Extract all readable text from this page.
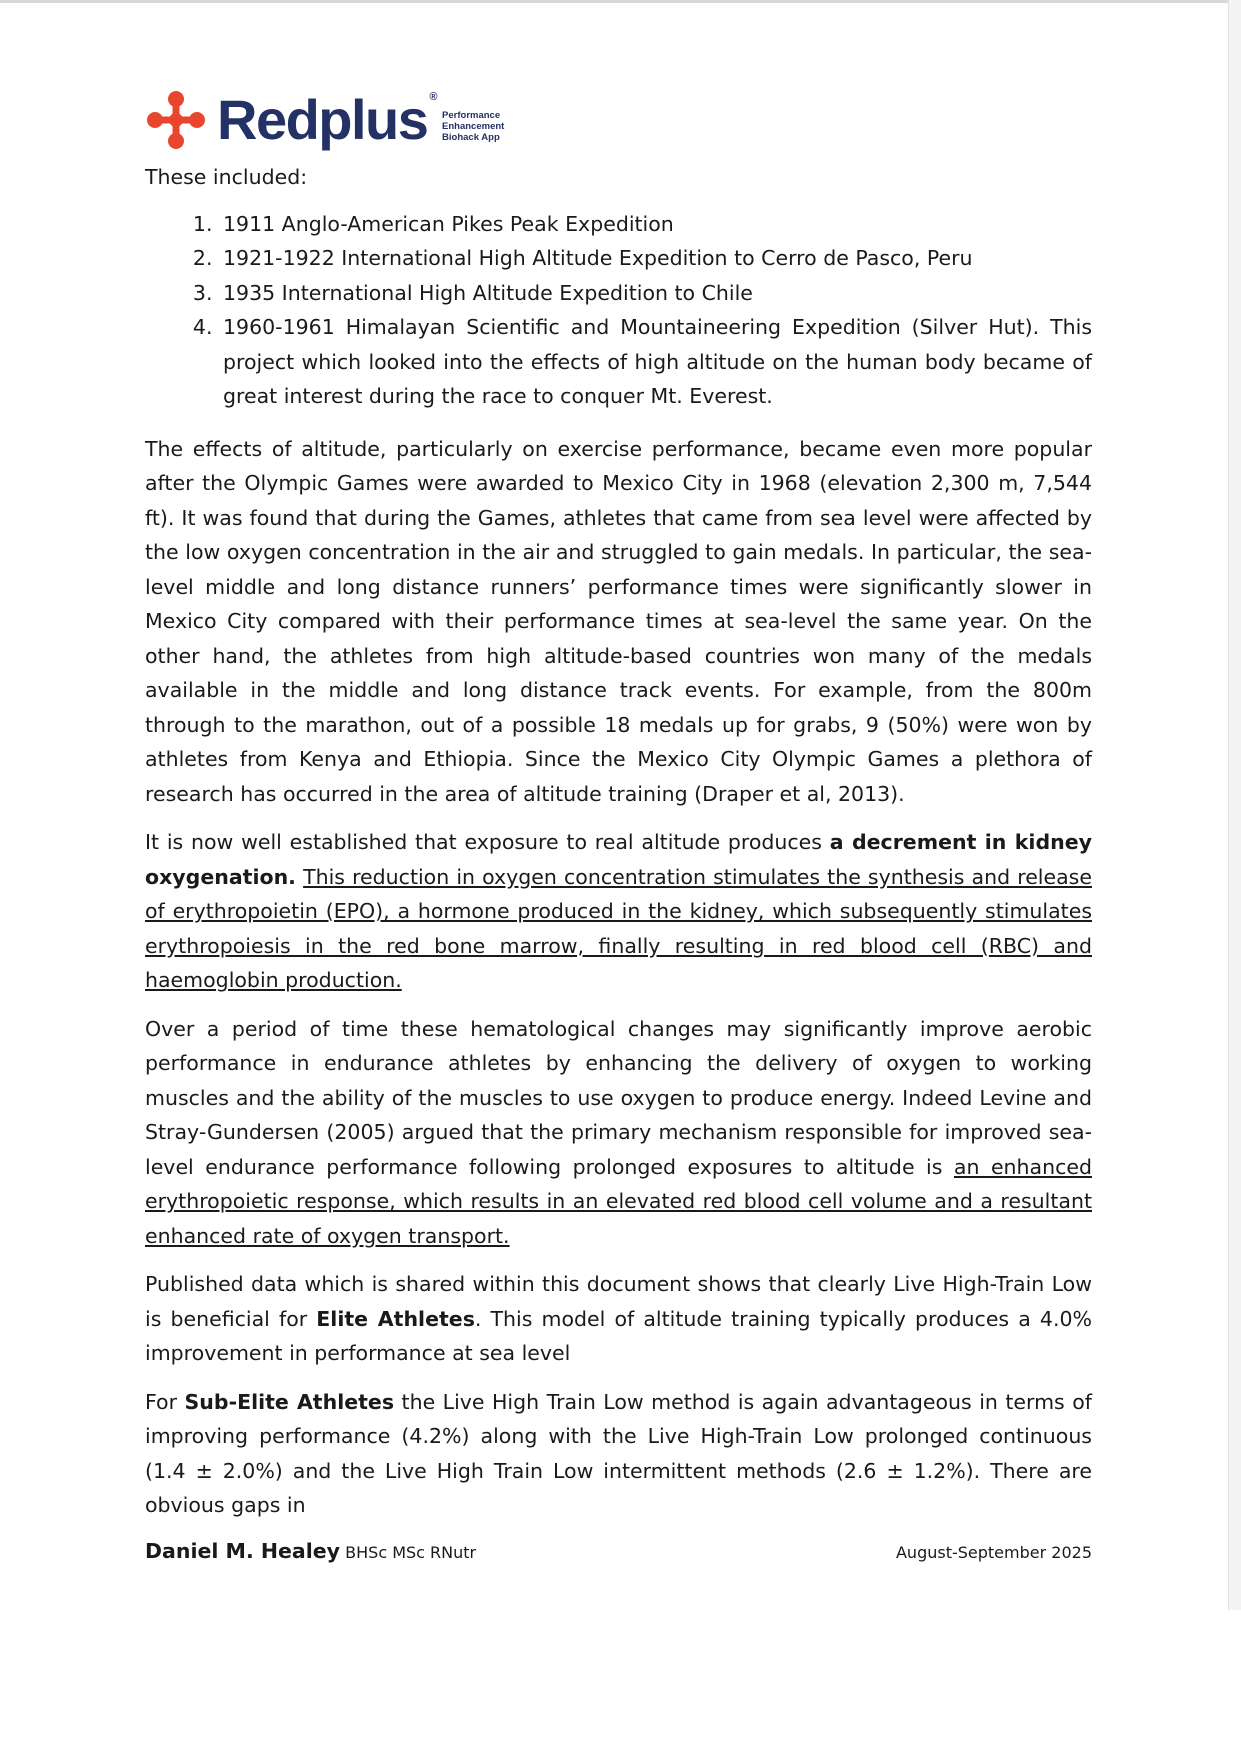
Redplus ®
Performance
Enhancement
Biohack App

These included:

1. 1911 Anglo-American Pikes Peak Expedition
2. 1921-1922 International High Altitude Expedition to Cerro de Pasco, Peru
3. 1935 International High Altitude Expedition to Chile
4. 1960-1961 Himalayan Scientific and Mountaineering Expedition (Silver Hut). This project which looked into the effects of high altitude on the human body became of great interest during the race to conquer Mt. Everest.

The effects of altitude, particularly on exercise performance, became even more popular after the Olympic Games were awarded to Mexico City in 1968 (elevation 2,300 m, 7,544 ft). It was found that during the Games, athletes that came from sea level were affected by the low oxygen concentration in the air and struggled to gain medals. In particular, the sea-level middle and long distance runners’ performance times were significantly slower in Mexico City compared with their performance times at sea-level the same year. On the other hand, the athletes from high altitude-based countries won many of the medals available in the middle and long distance track events. For example, from the 800m through to the marathon, out of a possible 18 medals up for grabs, 9 (50%) were won by athletes from Kenya and Ethiopia. Since the Mexico City Olympic Games a plethora of research has occurred in the area of altitude training (Draper et al, 2013).

It is now well established that exposure to real altitude produces a decrement in kidney oxygenation. This reduction in oxygen concentration stimulates the synthesis and release of erythropoietin (EPO), a hormone produced in the kidney, which subsequently stimulates erythropoiesis in the red bone marrow, finally resulting in red blood cell (RBC) and haemoglobin production.

Over a period of time these hematological changes may significantly improve aerobic performance in endurance athletes by enhancing the delivery of oxygen to working muscles and the ability of the muscles to use oxygen to produce energy. Indeed Levine and Stray-Gundersen (2005) argued that the primary mechanism responsible for improved sea-level endurance performance following prolonged exposures to altitude is an enhanced erythropoietic response, which results in an elevated red blood cell volume and a resultant enhanced rate of oxygen transport.

Published data which is shared within this document shows that clearly Live High-Train Low is beneficial for Elite Athletes. This model of altitude training typically produces a 4.0% improvement in performance at sea level

For Sub-Elite Athletes the Live High Train Low method is again advantageous in terms of improving performance (4.2%) along with the Live High-Train Low prolonged continuous (1.4 ± 2.0%) and the Live High Train Low intermittent methods (2.6 ± 1.2%). There are obvious gaps in

Daniel M. Healey BHSc MSc RNutr	August-September 2025
